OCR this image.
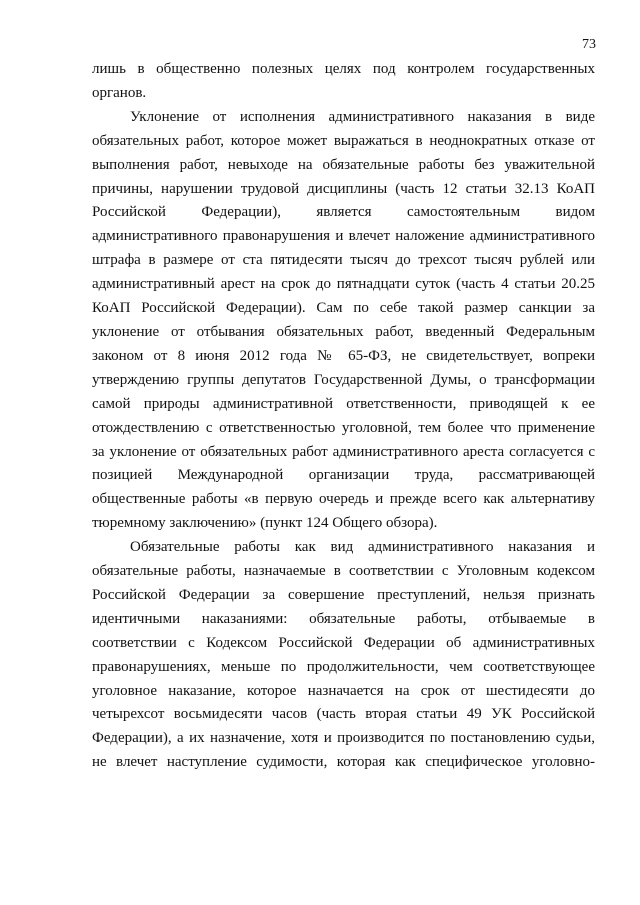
73
лишь в общественно полезных целях под контролем государственных
органов.
Уклонение от исполнения административного наказания в виде
обязательных работ, которое может выражаться в неоднократных отказе от
выполнения работ, невыходе на обязательные работы без уважительной
причины, нарушении трудовой дисциплины (часть 12 статьи 32.13 КоАП
Российской Федерации), является самостоятельным видом
административного правонарушения и влечет наложение административного
штрафа в размере от ста пятидесяти тысяч до трехсот тысяч рублей или
административный арест на срок до пятнадцати суток (часть 4 статьи 20.25
КоАП Российской Федерации). Сам по себе такой размер санкции за
уклонение от отбывания обязательных работ, введенный Федеральным
законом от 8 июня 2012 года № 65-ФЗ, не свидетельствует, вопреки
утверждению группы депутатов Государственной Думы, о трансформации
самой природы административной ответственности, приводящей к ее
отождествлению с ответственностью уголовной, тем более что применение
за уклонение от обязательных работ административного ареста согласуется с
позицией Международной организации труда, рассматривающей
общественные работы «в первую очередь и прежде всего как альтернативу
тюремному заключению» (пункт 124 Общего обзора).
Обязательные работы как вид административного наказания и
обязательные работы, назначаемые в соответствии с Уголовным кодексом
Российской Федерации за совершение преступлений, нельзя признать
идентичными наказаниями: обязательные работы, отбываемые в
соответствии с Кодексом Российской Федерации об административных
правонарушениях, меньше по продолжительности, чем соответствующее
уголовное наказание, которое назначается на срок от шестидесяти до
четырехсот восьмидесяти часов (часть вторая статьи 49 УК Российской
Федерации), а их назначение, хотя и производится по постановлению судьи,
не влечет наступление судимости, которая как специфическое уголовно-
